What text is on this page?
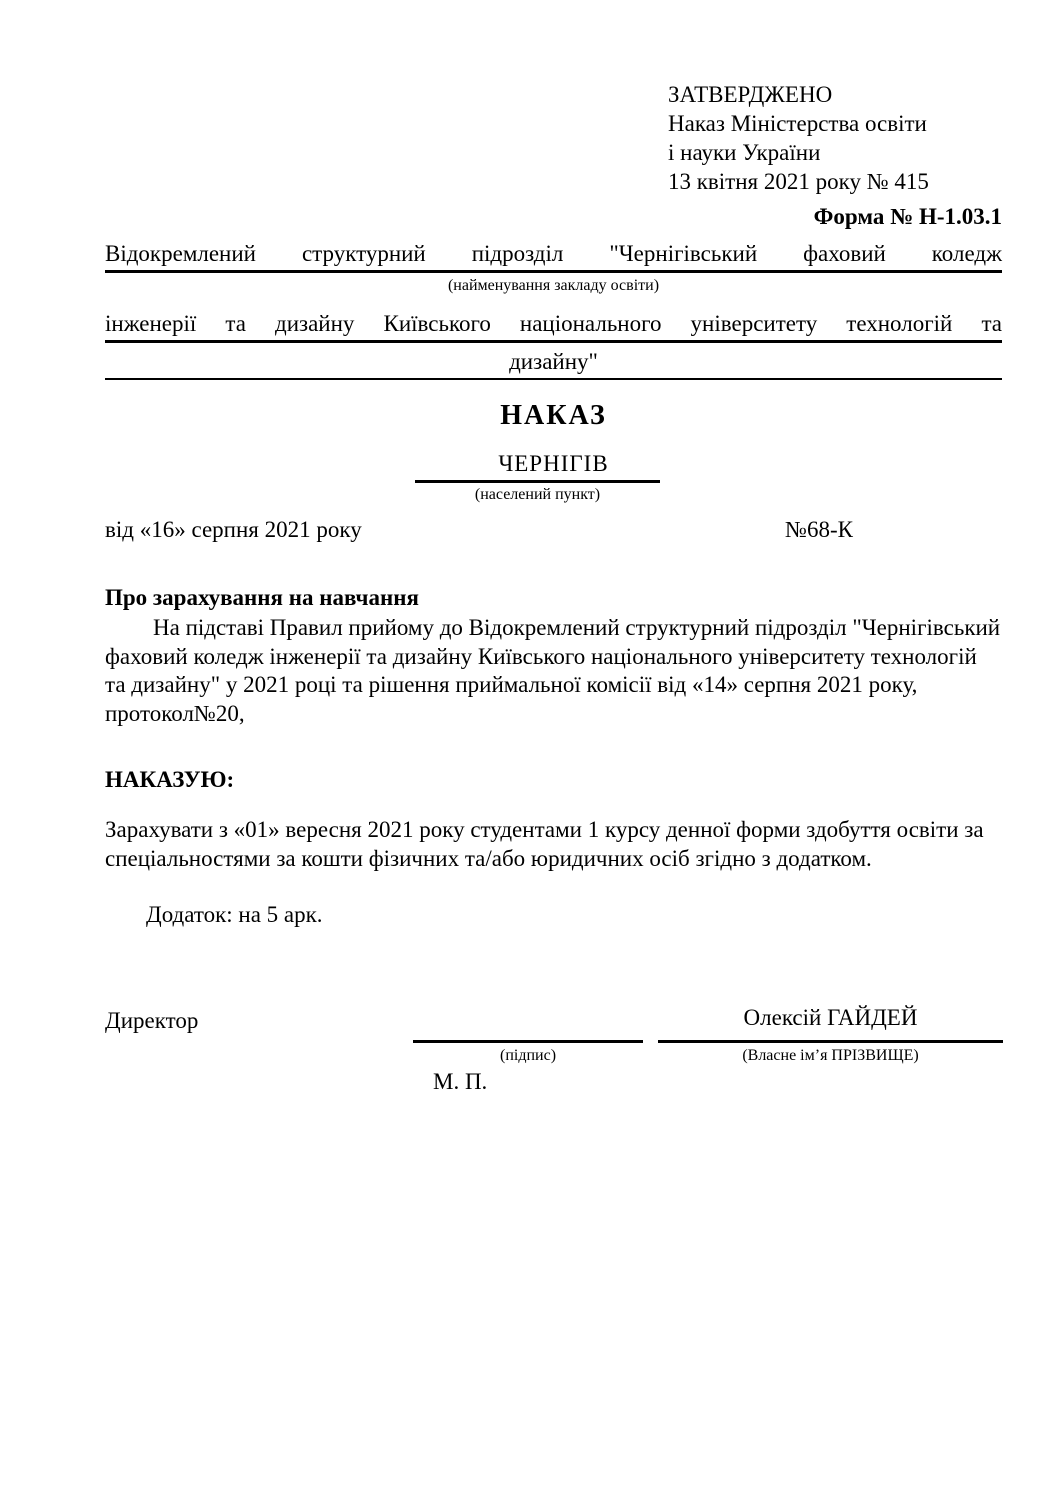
ЗАТВЕРДЖЕНО
Наказ Міністерства освіти
і науки України
13 квітня 2021 року № 415
Форма № Н-1.03.1
Відокремлений структурний підрозділ "Чернігівський фаховий коледж
(найменування закладу освіти)
інженерії та дизайну Київського національного університету технологій та
дизайну"
НАКАЗ
ЧЕРНІГІВ
(населений пункт)
від «16» серпня 2021 року	№68-К
Про зарахування на навчання
На підставі Правил прийому до Відокремлений структурний підрозділ "Чернігівський фаховий коледж інженерії та дизайну Київського національного університету технологій та дизайну" у 2021 році та рішення приймальної комісії від «14» серпня 2021 року, протокол№20,
НАКАЗУЮ:
Зарахувати з «01» вересня 2021 року студентами 1 курсу денної форми здобуття освіти за спеціальностями за кошти фізичних та/або юридичних осіб згідно з додатком.
Додаток: на 5 арк.
Директор	Олексій ГАЙДЕЙ
(підпис)	(Власне ім’я ПРІЗВИЩЕ)
М. П.
